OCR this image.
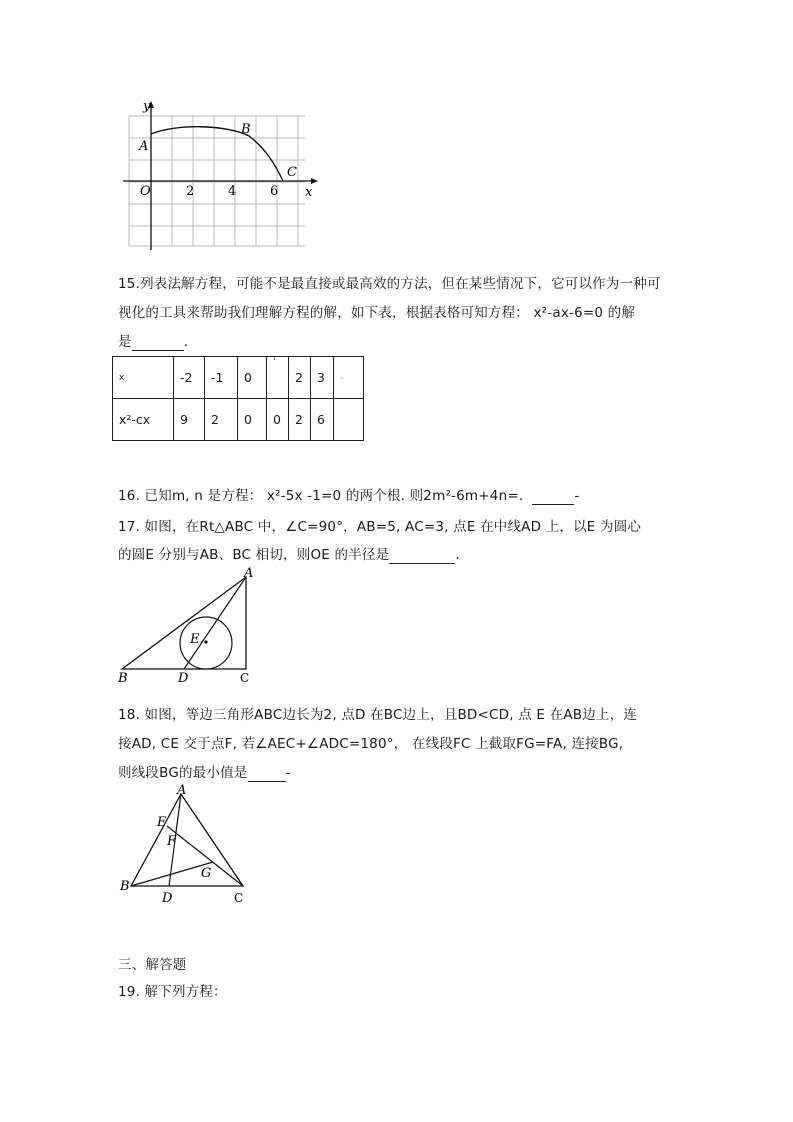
y
x
A
B
C
O	2	4	6
15.列表法解方程，可能不是最直接或最高效的方法，但在某些情况下，它可以作为一种可
视化的工具来帮助我们理解方程的解，如下表，根据表格可知方程： x²-ax-6=0 的解
是	.
x	-2	-1	0	'	2	3	-
x²-cx	9	2	0	0	2	6	
16. 已知m, n 是方程： x²-5x -1=0 的两个根. 则2m²-6m+4n=.	-
17. 如图，在Rt△ABC 中，∠C=90°，AB=5, AC=3, 点E 在中线AD 上，以E 为圆心
的圆E 分别与AB、BC 相切，则OE 的半径是	.
A
B	C
D
E.
18. 如图，等边三角形ABC边长为2, 点D 在BC边上，且BD<CD, 点 E 在AB边上，连
接AD, CE 交于点F, 若∠AEC+∠ADC=180°， 在线段FC 上截取FG=FA, 连接BG,
则线段BG的最小值是	-
A
B
C
D
E
F
G
三、解答题
19. 解下列方程：
